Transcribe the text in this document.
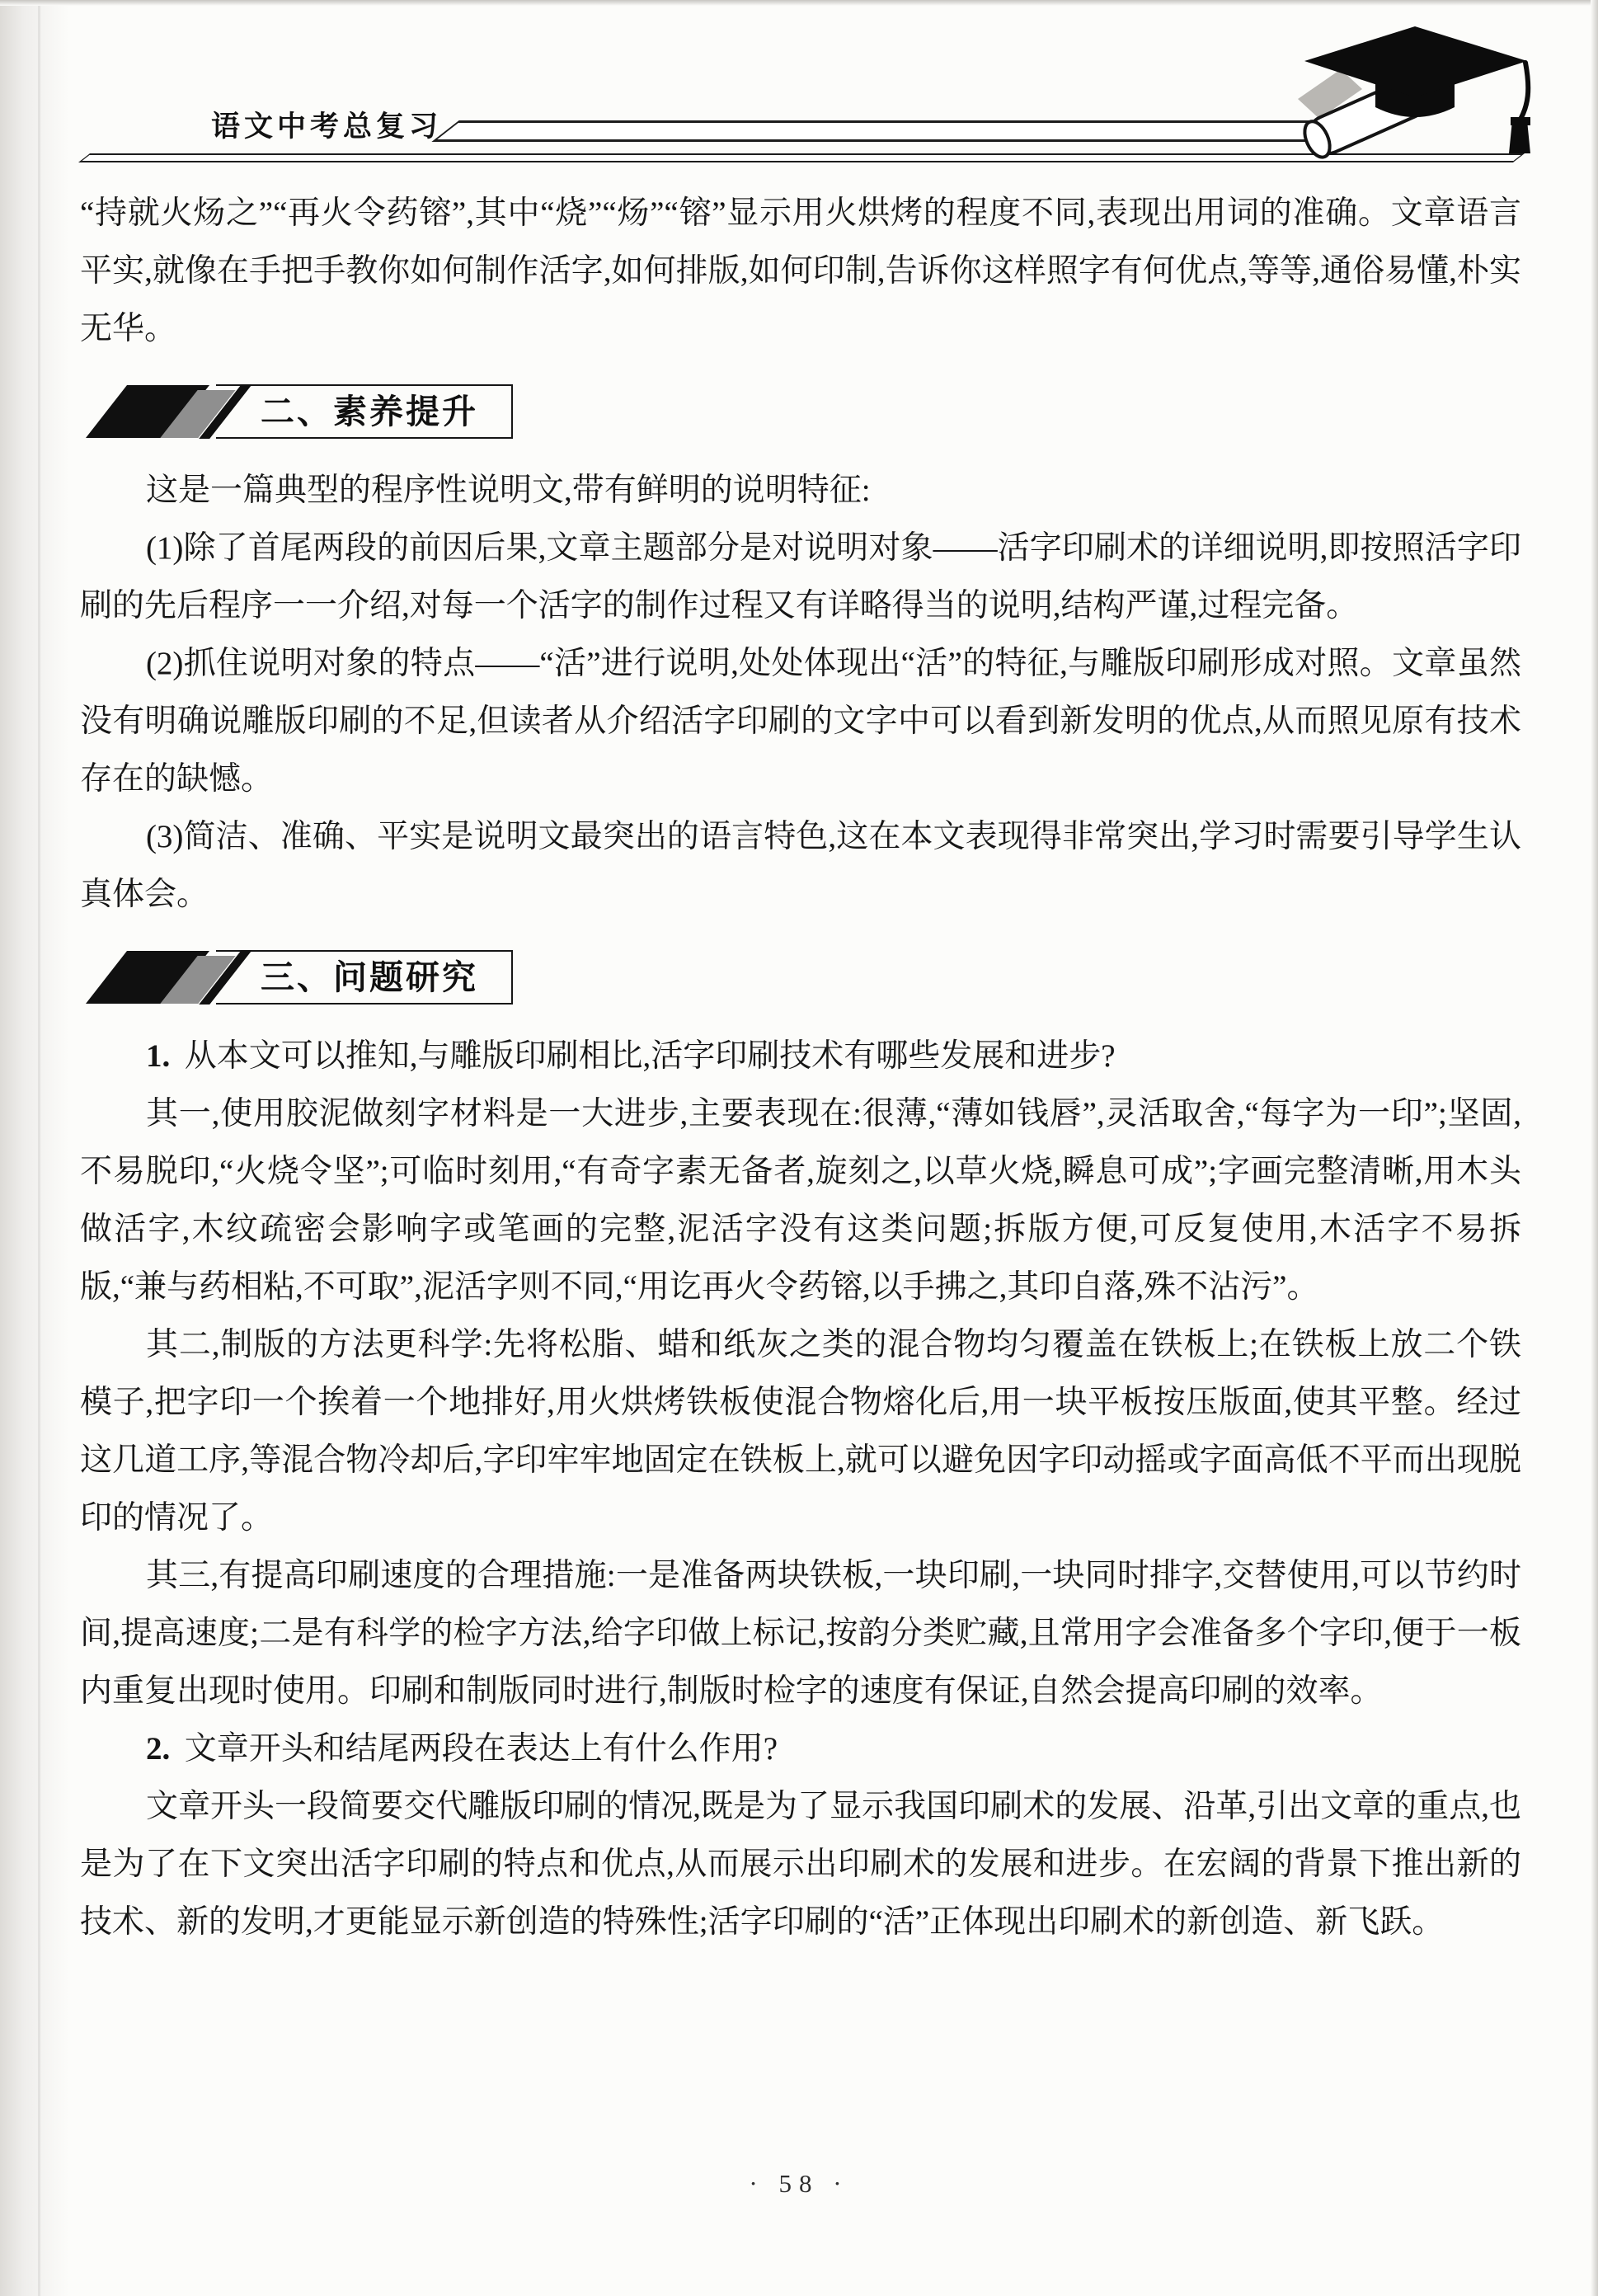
语文中考总复习

“持就火炀之”“再火令药镕”,其中“烧”“炀”“镕”显示用火烘烤的程度不同,表现出用词的准确。文章语言平实,就像在手把手教你如何制作活字,如何排版,如何印制,告诉你这样照字有何优点,等等,通俗易懂,朴实无华。

二、素养提升

这是一篇典型的程序性说明文,带有鲜明的说明特征:

(1)除了首尾两段的前因后果,文章主题部分是对说明对象——活字印刷术的详细说明,即按照活字印刷的先后程序一一介绍,对每一个活字的制作过程又有详略得当的说明,结构严谨,过程完备。

(2)抓住说明对象的特点——“活”进行说明,处处体现出“活”的特征,与雕版印刷形成对照。文章虽然没有明确说雕版印刷的不足,但读者从介绍活字印刷的文字中可以看到新发明的优点,从而照见原有技术存在的缺憾。

(3)简洁、准确、平实是说明文最突出的语言特色,这在本文表现得非常突出,学习时需要引导学生认真体会。

三、问题研究

1. 从本文可以推知,与雕版印刷相比,活字印刷技术有哪些发展和进步?

其一,使用胶泥做刻字材料是一大进步,主要表现在:很薄,“薄如钱唇”,灵活取舍,“每字为一印”;坚固,不易脱印,“火烧令坚”;可临时刻用,“有奇字素无备者,旋刻之,以草火烧,瞬息可成”;字画完整清晰,用木头做活字,木纹疏密会影响字或笔画的完整,泥活字没有这类问题;拆版方便,可反复使用,木活字不易拆版,“兼与药相粘,不可取”,泥活字则不同,“用讫再火令药镕,以手拂之,其印自落,殊不沾污”。

其二,制版的方法更科学:先将松脂、蜡和纸灰之类的混合物均匀覆盖在铁板上;在铁板上放二个铁模子,把字印一个挨着一个地排好,用火烘烤铁板使混合物熔化后,用一块平板按压版面,使其平整。经过这几道工序,等混合物冷却后,字印牢牢地固定在铁板上,就可以避免因字印动摇或字面高低不平而出现脱印的情况了。

其三,有提高印刷速度的合理措施:一是准备两块铁板,一块印刷,一块同时排字,交替使用,可以节约时间,提高速度;二是有科学的检字方法,给字印做上标记,按韵分类贮藏,且常用字会准备多个字印,便于一板内重复出现时使用。印刷和制版同时进行,制版时检字的速度有保证,自然会提高印刷的效率。

2. 文章开头和结尾两段在表达上有什么作用?

文章开头一段简要交代雕版印刷的情况,既是为了显示我国印刷术的发展、沿革,引出文章的重点,也是为了在下文突出活字印刷的特点和优点,从而展示出印刷术的发展和进步。在宏阔的背景下推出新的技术、新的发明,才更能显示新创造的特殊性;活字印刷的“活”正体现出印刷术的新创造、新飞跃。

· 58 ·
